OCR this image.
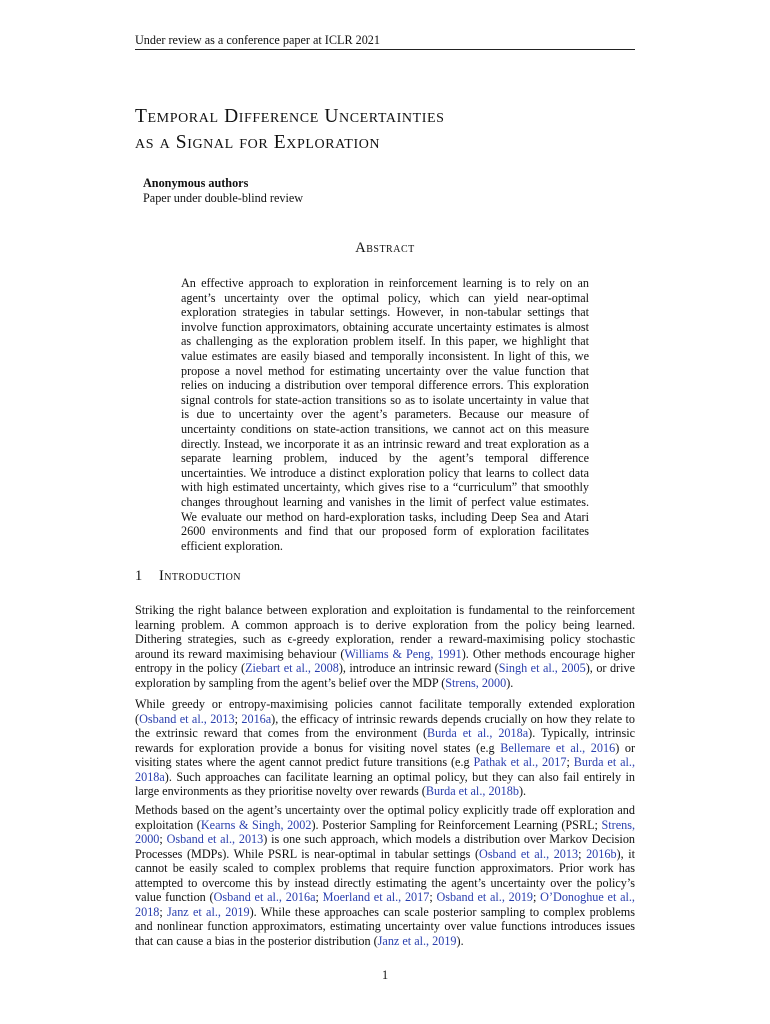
Under review as a conference paper at ICLR 2021
Temporal Difference Uncertainties
as a Signal for Exploration
Anonymous authors
Paper under double-blind review
Abstract

An effective approach to exploration in reinforcement learning is to rely on an agent’s uncertainty over the optimal policy, which can yield near-optimal exploration strategies in tabular settings. However, in non-tabular settings that involve function approximators, obtaining accurate uncertainty estimates is almost as challenging as the exploration problem itself. In this paper, we highlight that value estimates are easily biased and temporally inconsistent. In light of this, we propose a novel method for estimating uncertainty over the value function that relies on inducing a distribution over temporal difference errors. This exploration signal controls for state-action transitions so as to isolate uncertainty in value that is due to uncertainty over the agent’s parameters. Because our measure of uncertainty conditions on state-action transitions, we cannot act on this measure directly. Instead, we incorporate it as an intrinsic reward and treat exploration as a separate learning problem, induced by the agent’s temporal difference uncertainties. We introduce a distinct exploration policy that learns to collect data with high estimated uncertainty, which gives rise to a “curriculum” that smoothly changes throughout learning and vanishes in the limit of perfect value estimates. We evaluate our method on hard-exploration tasks, including Deep Sea and Atari 2600 environments and find that our proposed form of exploration facilitates efficient exploration.

1 Introduction

Striking the right balance between exploration and exploitation is fundamental to the reinforcement learning problem. A common approach is to derive exploration from the policy being learned. Dithering strategies, such as ϵ-greedy exploration, render a reward-maximising policy stochastic around its reward maximising behaviour (Williams & Peng, 1991). Other methods encourage higher entropy in the policy (Ziebart et al., 2008), introduce an intrinsic reward (Singh et al., 2005), or drive exploration by sampling from the agent’s belief over the MDP (Strens, 2000).

While greedy or entropy-maximising policies cannot facilitate temporally extended exploration (Osband et al., 2013; 2016a), the efficacy of intrinsic rewards depends crucially on how they relate to the extrinsic reward that comes from the environment (Burda et al., 2018a). Typically, intrinsic rewards for exploration provide a bonus for visiting novel states (e.g Bellemare et al., 2016) or visiting states where the agent cannot predict future transitions (e.g Pathak et al., 2017; Burda et al., 2018a). Such approaches can facilitate learning an optimal policy, but they can also fail entirely in large environments as they prioritise novelty over rewards (Burda et al., 2018b).

Methods based on the agent’s uncertainty over the optimal policy explicitly trade off exploration and exploitation (Kearns & Singh, 2002). Posterior Sampling for Reinforcement Learning (PSRL; Strens, 2000; Osband et al., 2013) is one such approach, which models a distribution over Markov Decision Processes (MDPs). While PSRL is near-optimal in tabular settings (Osband et al., 2013; 2016b), it cannot be easily scaled to complex problems that require function approximators. Prior work has attempted to overcome this by instead directly estimating the agent’s uncertainty over the policy’s value function (Osband et al., 2016a; Moerland et al., 2017; Osband et al., 2019; O’Donoghue et al., 2018; Janz et al., 2019). While these approaches can scale posterior sampling to complex problems and nonlinear function approximators, estimating uncertainty over value functions introduces issues that can cause a bias in the posterior distribution (Janz et al., 2019).

1
